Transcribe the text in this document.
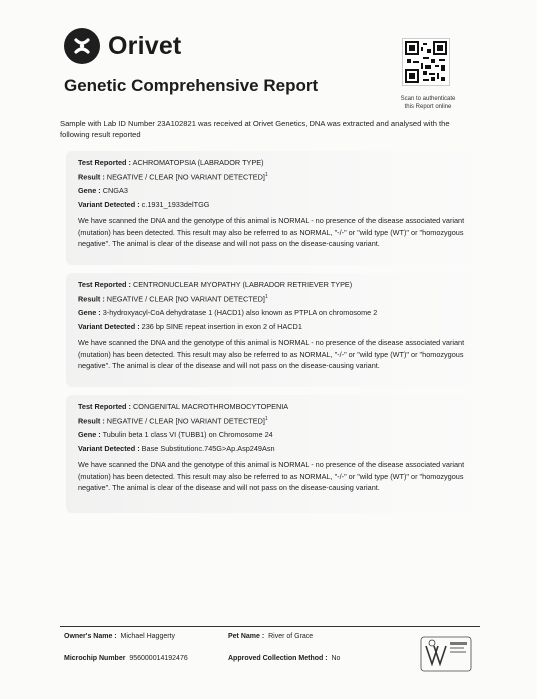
Orivet
Genetic Comprehensive Report
Scan to authenticate this Report online
Sample with Lab ID Number 23A102821 was received at Orivet Genetics, DNA was extracted and analysed with the following result reported
Test Reported : ACHROMATOPSIA (LABRADOR TYPE)
Result : NEGATIVE / CLEAR [NO VARIANT DETECTED]$^1$
Gene : CNGA3
Variant Detected : c.1931_1933delTGG
We have scanned the DNA and the genotype of this animal is NORMAL - no presence of the disease associated variant (mutation) has been detected. This result may also be referred to as NORMAL, "-/-" or "wild type (WT)" or "homozygous negative". The animal is clear of the disease and will not pass on the disease-causing variant.
Test Reported : CENTRONUCLEAR MYOPATHY (LABRADOR RETRIEVER TYPE)
Result : NEGATIVE / CLEAR [NO VARIANT DETECTED]$^1$
Gene : 3-hydroxyacyl-CoA dehydratase 1 (HACD1) also known as PTPLA on chromosome 2
Variant Detected : 236 bp SINE repeat insertion in exon 2 of HACD1
We have scanned the DNA and the genotype of this animal is NORMAL - no presence of the disease associated variant (mutation) has been detected. This result may also be referred to as NORMAL, "-/-" or "wild type (WT)" or "homozygous negative". The animal is clear of the disease and will not pass on the disease-causing variant.
Test Reported : CONGENITAL MACROTHROMBOCYTOPENIA
Result : NEGATIVE / CLEAR [NO VARIANT DETECTED]$^1$
Gene : Tubulin beta 1 class VI (TUBB1) on Chromosome 24
Variant Detected : Base Substitutionc.745G>Ap.Asp249Asn
We have scanned the DNA and the genotype of this animal is NORMAL - no presence of the disease associated variant (mutation) has been detected. This result may also be referred to as NORMAL, "-/-" or "wild type (WT)" or "homozygous negative". The animal is clear of the disease and will not pass on the disease-causing variant.
Owner's Name : Michael Haggerty	Pet Name : River of Grace
Microchip Number 956000014192476	Approved Collection Method : No
